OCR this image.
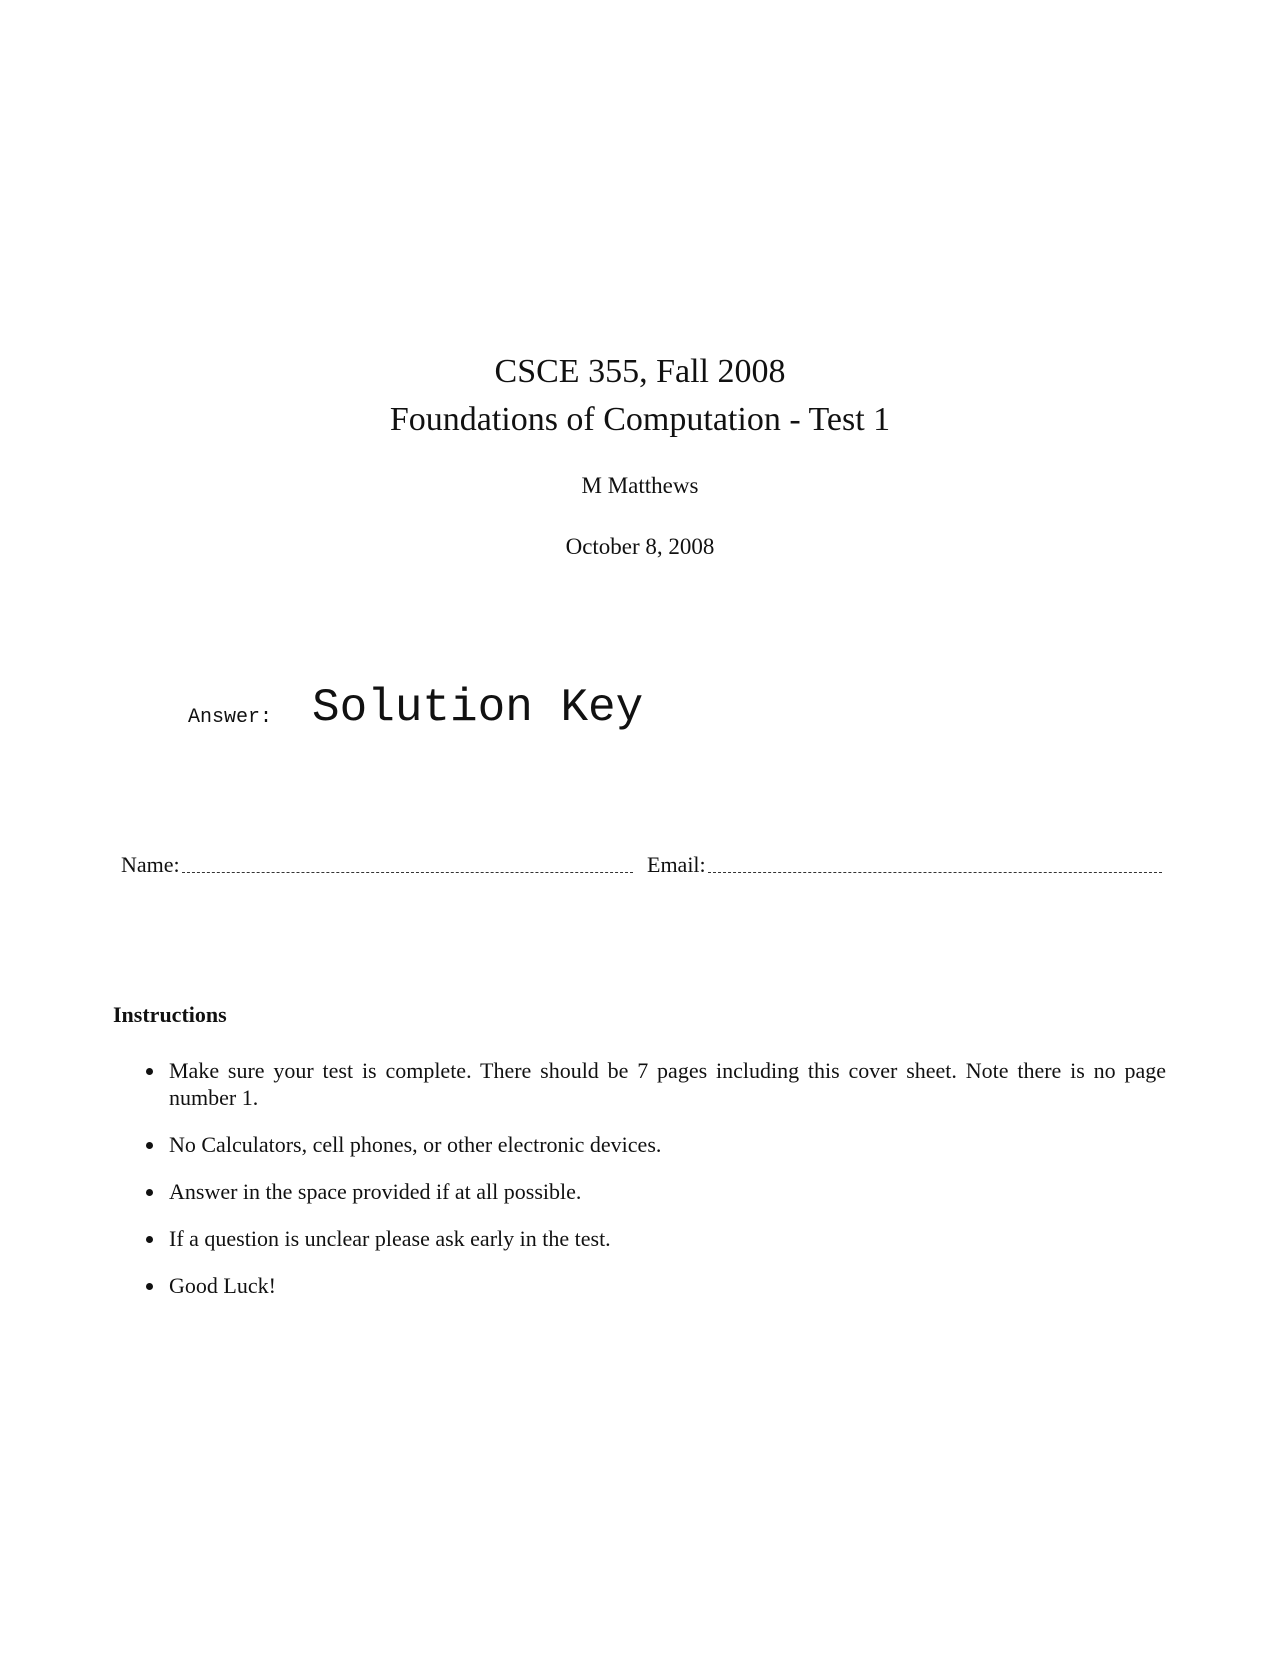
CSCE 355, Fall 2008
Foundations of Computation - Test 1
M Matthews
October 8, 2008
Answer: Solution Key
Name:	Email:
Instructions
Make sure your test is complete. There should be 7 pages including this cover sheet. Note there is no page number 1.
No Calculators, cell phones, or other electronic devices.
Answer in the space provided if at all possible.
If a question is unclear please ask early in the test.
Good Luck!
